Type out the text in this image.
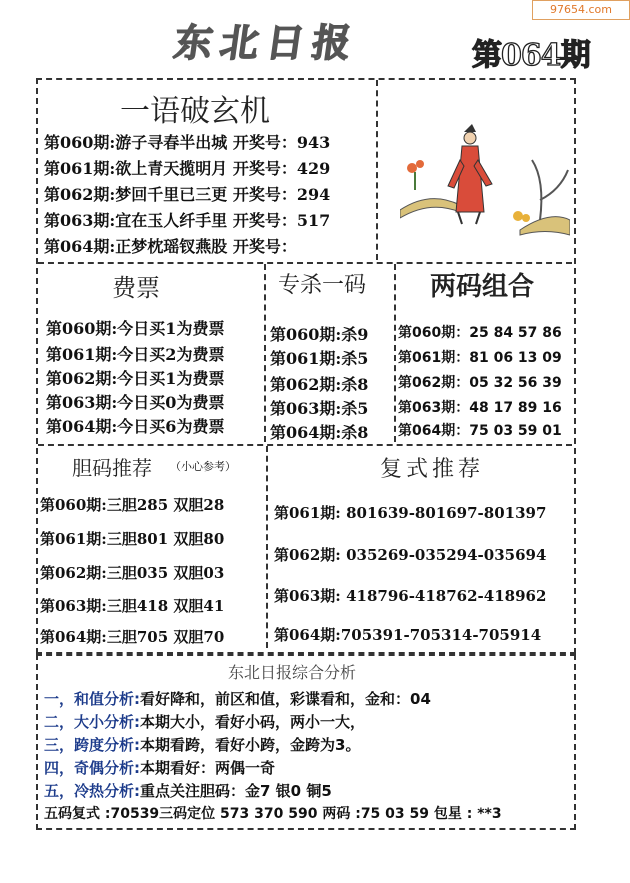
97654.com
东北日报	第064期
一语破玄机
第060期:游子寻春半出城 开奖号：943
第061期:欲上青天揽明月 开奖号：429
第062期:梦回千里已三更 开奖号：294
第063期:宜在玉人纤手里 开奖号：517
第064期:正梦枕瑶钗燕股 开奖号：
费票	专杀一码 两码组合
第060期:今日买1为费票
第061期:今日买2为费票
第062期:今日买1为费票
第063期:今日买0为费票
第064期:今日买6为费票
第060期:杀9
第061期:杀5
第062期:杀8
第063期:杀5
第064期:杀8
第060期：25 84 57 86
第061期：81 06 13 09
第062期：05 32 56 39
第063期：48 17 89 16
第064期：75 03 59 01
胆码推荐 （小心参考）	复式推荐
第060期:三胆285 双胆28
第061期:三胆801 双胆80
第062期:三胆035 双胆03
第063期:三胆418 双胆41
第064期:三胆705 双胆70
第061期: 801639-801697-801397
第062期: 035269-035294-035694
第063期: 418796-418762-418962
第064期:705391-705314-705914
东北日报综合分析
一，和值分析:看好降和，前区和值，彩谍看和，金和：04
二，大小分析:本期大小，看好小码，两小一大，
三，跨度分析:本期看跨，看好小跨，金跨为3。
四，奇偶分析:本期看好：两偶一奇
五，冷热分析:重点关注胆码：金7 银0 铜5
五码复式 :70539三码定位 573 370 590 两码 :75 03 59 包星 : **3
